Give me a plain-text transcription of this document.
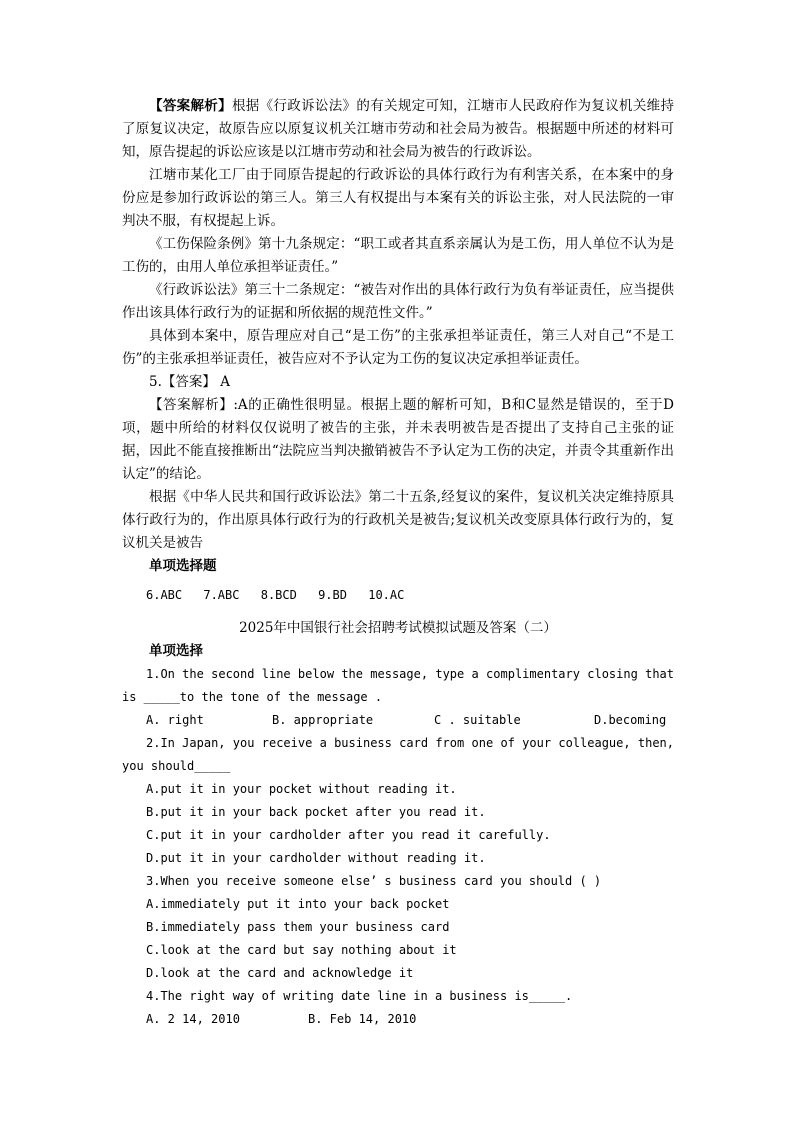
【答案解析】根据《行政诉讼法》的有关规定可知，江塘市人民政府作为复议机关维持了原复议决定，故原告应以原复议机关江塘市劳动和社会局为被告。根据题中所述的材料可知，原告提起的诉讼应该是以江塘市劳动和社会局为被告的行政诉讼。

江塘市某化工厂由于同原告提起的行政诉讼的具体行政行为有利害关系，在本案中的身份应是参加行政诉讼的第三人。第三人有权提出与本案有关的诉讼主张，对人民法院的一审判决不服，有权提起上诉。

《工伤保险条例》第十九条规定：“职工或者其直系亲属认为是工伤，用人单位不认为是工伤的，由用人单位承担举证责任。”

《行政诉讼法》第三十二条规定：“被告对作出的具体行政行为负有举证责任，应当提供作出该具体行政行为的证据和所依据的规范性文件。”

具体到本案中，原告理应对自己“是工伤”的主张承担举证责任，第三人对自己“不是工伤”的主张承担举证责任，被告应对不予认定为工伤的复议决定承担举证责任。

5.【答案】 A

【答案解析】:A的正确性很明显。根据上题的解析可知，B和C显然是错误的，至于D项，题中所给的材料仅仅说明了被告的主张，并未表明被告是否提出了支持自己主张的证据，因此不能直接推断出“法院应当判决撤销被告不予认定为工伤的决定，并责令其重新作出认定”的结论。

根据《中华人民共和国行政诉讼法》第二十五条,经复议的案件，复议机关决定维持原具体行政行为的，作出原具体行政行为的行政机关是被告;复议机关改变原具体行政行为的，复议机关是被告

单项选择题

6.ABC 7.ABC 8.BCD 9.BD 10.AC

2025年中国银行社会招聘考试模拟试题及答案（二）

单项选择

1.On the second line below the message, type a complimentary closing that is _____to the tone of the message .

A. right	B. appropriate	C . suitable	D.becoming

2.In Japan, you receive a business card from one of your colleague, then, you should_____

A.put it in your pocket without reading it.
B.put it in your back pocket after you read it.
C.put it in your cardholder after you read it carefully.
D.put it in your cardholder without reading it.

3.When you receive someone else’ s business card you should ( )

A.immediately put it into your back pocket
B.immediately pass them your business card
C.look at the card but say nothing about it
D.look at the card and acknowledge it

4.The right way of writing date line in a business is_____.

A. 2 14, 2010	B. Feb 14, 2010
